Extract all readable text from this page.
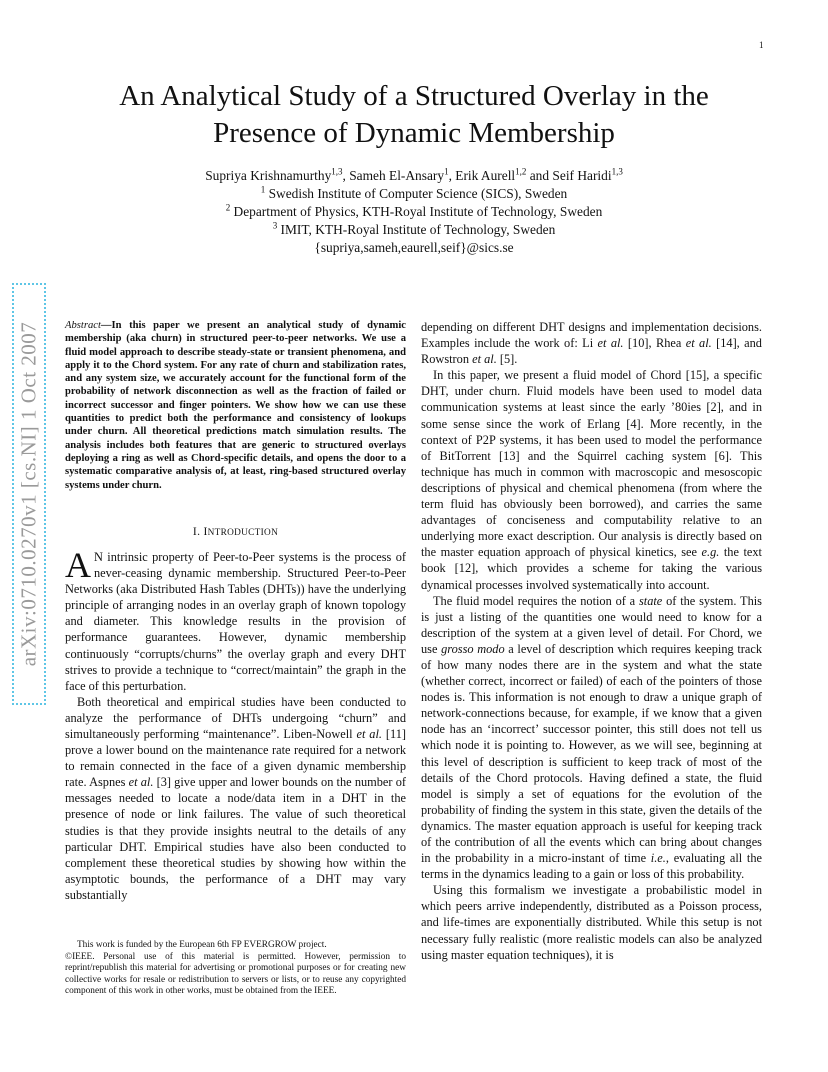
1
arXiv:0710.0270v1 [cs.NI] 1 Oct 2007
An Analytical Study of a Structured Overlay in the
Presence of Dynamic Membership
Supriya Krishnamurthy$^{1,3}$, Sameh El-Ansary$^1$, Erik Aurell$^{1,2}$ and Seif Haridi$^{1,3}$
$^1$ Swedish Institute of Computer Science (SICS), Sweden
$^2$ Department of Physics, KTH-Royal Institute of Technology, Sweden
$^3$ IMIT, KTH-Royal Institute of Technology, Sweden
{supriya,sameh,eaurell,seif}@sics.se
Abstract—In this paper we present an analytical study of dynamic membership (aka churn) in structured peer-to-peer networks. We use a fluid model approach to describe steady-state or transient phenomena, and apply it to the Chord system. For any rate of churn and stabilization rates, and any system size, we accurately account for the functional form of the probability of network disconnection as well as the fraction of failed or incorrect successor and finger pointers. We show how we can use these quantities to predict both the performance and consistency of lookups under churn. All theoretical predictions match simulation results. The analysis includes both features that are generic to structured overlays deploying a ring as well as Chord-specific details, and opens the door to a systematic comparative analysis of, at least, ring-based structured overlay systems under churn.
I. INTRODUCTION

A N intrinsic property of Peer-to-Peer systems is the process of never-ceasing dynamic membership. Structured Peer-to-Peer Networks (aka Distributed Hash Tables (DHTs)) have the underlying principle of arranging nodes in an overlay graph of known topology and diameter. This knowledge results in the provision of performance guarantees. However, dynamic membership continuously “corrupts/churns” the overlay graph and every DHT strives to provide a technique to “correct/maintain” the graph in the face of this perturbation.

Both theoretical and empirical studies have been conducted to analyze the performance of DHTs undergoing “churn” and simultaneously performing “maintenance”. Liben-Nowell et al. [11] prove a lower bound on the maintenance rate required for a network to remain connected in the face of a given dynamic membership rate. Aspnes et al. [3] give upper and lower bounds on the number of messages needed to locate a node/data item in a DHT in the presence of node or link failures. The value of such theoretical studies is that they provide insights neutral to the details of any particular DHT. Empirical studies have also been conducted to complement these theoretical studies by showing how within the asymptotic bounds, the performance of a DHT may vary substantially

This work is funded by the European 6th FP EVERGROW project.

©IEEE. Personal use of this material is permitted. However, permission to reprint/republish this material for advertising or promotional purposes or for creating new collective works for resale or redistribution to servers or lists, or to reuse any copyrighted component of this work in other works, must be obtained from the IEEE.

depending on different DHT designs and implementation decisions. Examples include the work of: Li et al. [10], Rhea et al. [14], and Rowstron et al. [5].

In this paper, we present a fluid model of Chord [15], a specific DHT, under churn. Fluid models have been used to model data communication systems at least since the early ’80ies [2], and in some sense since the work of Erlang [4]. More recently, in the context of P2P systems, it has been used to model the performance of BitTorrent [13] and the Squirrel caching system [6]. This technique has much in common with macroscopic and mesoscopic descriptions of physical and chemical phenomena (from where the term fluid has obviously been borrowed), and carries the same advantages of conciseness and computability relative to an underlying more exact description. Our analysis is directly based on the master equation approach of physical kinetics, see e.g. the text book [12], which provides a scheme for taking the various dynamical processes involved systematically into account.

The fluid model requires the notion of a state of the system. This is just a listing of the quantities one would need to know for a description of the system at a given level of detail. For Chord, we use grosso modo a level of description which requires keeping track of how many nodes there are in the system and what the state (whether correct, incorrect or failed) of each of the pointers of those nodes is. This information is not enough to draw a unique graph of network-connections because, for example, if we know that a given node has an ‘incorrect’ successor pointer, this still does not tell us which node it is pointing to. However, as we will see, beginning at this level of description is sufficient to keep track of most of the details of the Chord protocols. Having defined a state, the fluid model is simply a set of equations for the evolution of the probability of finding the system in this state, given the details of the dynamics. The master equation approach is useful for keeping track of the contribution of all the events which can bring about changes in the probability in a micro-instant of time i.e., evaluating all the terms in the dynamics leading to a gain or loss of this probability.

Using this formalism we investigate a probabilistic model in which peers arrive independently, distributed as a Poisson process, and life-times are exponentially distributed. While this setup is not necessary fully realistic (more realistic models can also be analyzed using master equation techniques), it is
